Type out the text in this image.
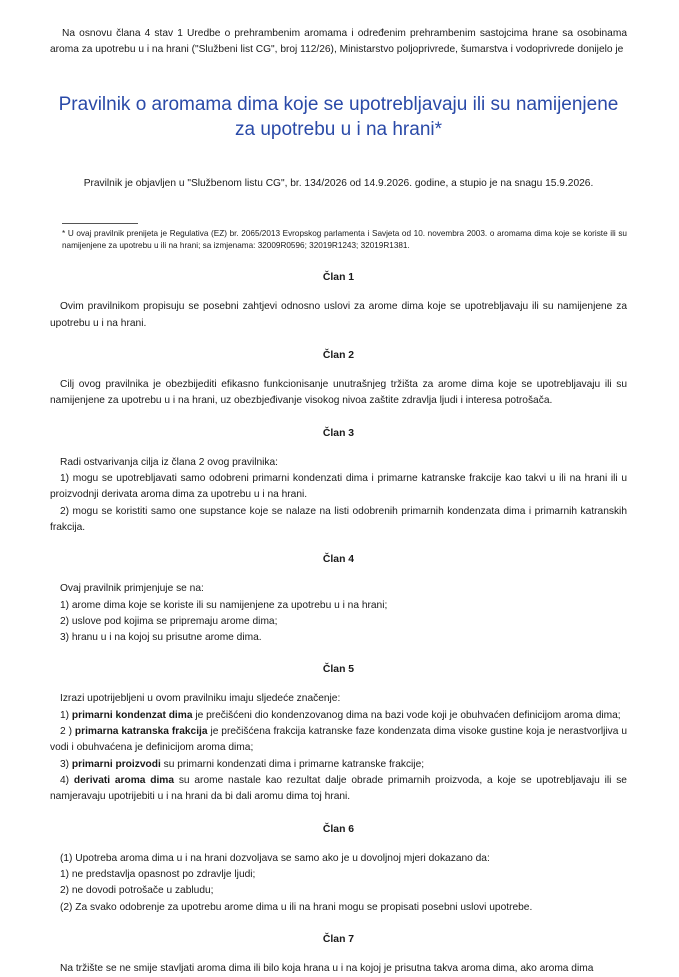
Na osnovu člana 4 stav 1 Uredbe o prehrambenim aromama i određenim prehrambenim sastojcima hrane sa osobinama aroma za upotrebu u i na hrani ("Službeni list CG", broj 112/26), Ministarstvo poljoprivrede, šumarstva i vodoprivrede donijelo je

Pravilnik o aromama dima koje se upotrebljavaju ili su namijenjene za upotrebu u i na hrani*

Pravilnik je objavljen u "Službenom listu CG", br. 134/2026 od 14.9.2026. godine, a stupio je na snagu 15.9.2026.

* U ovaj pravilnik prenijeta je Regulativa (EZ) br. 2065/2013 Evropskog parlamenta i Savjeta od 10. novembra 2003. o aromama dima koje se koriste ili su namijenjene za upotrebu u ili na hrani; sa izmjenama: 32009R0596; 32019R1243; 32019R1381.

Član 1

Ovim pravilnikom propisuju se posebni zahtjevi odnosno uslovi za arome dima koje se upotrebljavaju ili su namijenjene za upotrebu u i na hrani.

Član 2

Cilj ovog pravilnika je obezbijediti efikasno funkcionisanje unutrašnjeg tržišta za arome dima koje se upotrebljavaju ili su namijenjene za upotrebu u i na hrani, uz obezbjeđivanje visokog nivoa zaštite zdravlja ljudi i interesa potrošača.

Član 3

Radi ostvarivanja cilja iz člana 2 ovog pravilnika:

1) mogu se upotrebljavati samo odobreni primarni kondenzati dima i primarne katranske frakcije kao takvi u ili na hrani ili u proizvodnji derivata aroma dima za upotrebu u i na hrani.

2) mogu se koristiti samo one supstance koje se nalaze na listi odobrenih primarnih kondenzata dima i primarnih katranskih frakcija.

Član 4

Ovaj pravilnik primjenjuje se na:

1) arome dima koje se koriste ili su namijenjene za upotrebu u i na hrani;

2) uslove pod kojima se pripremaju arome dima;

3) hranu u i na kojoj su prisutne arome dima.

Član 5

Izrazi upotrijebljeni u ovom pravilniku imaju sljedeće značenje:

1) primarni kondenzat dima je prečišćeni dio kondenzovanog dima na bazi vode koji je obuhvaćen definicijom aroma dima;

2 ) primarna katranska frakcija je prečišćena frakcija katranske faze kondenzata dima visoke gustine koja je nerastvorljiva u vodi i obuhvaćena je definicijom aroma dima;

3) primarni proizvodi su primarni kondenzati dima i primarne katranske frakcije;

4) derivati aroma dima su arome nastale kao rezultat dalje obrade primarnih proizvoda, a koje se upotrebljavaju ili se namjeravaju upotrijebiti u i na hrani da bi dali aromu dima toj hrani.

Član 6

(1) Upotreba aroma dima u i na hrani dozvoljava se samo ako je u dovoljnoj mjeri dokazano da:

1) ne predstavlja opasnost po zdravlje ljudi;

2) ne dovodi potrošače u zabludu;

(2) Za svako odobrenje za upotrebu arome dima u ili na hrani mogu se propisati posebni uslovi upotrebe.

Član 7

Na tržište se ne smije stavljati aroma dima ili bilo koja hrana u i na kojoj je prisutna takva aroma dima, ako aroma dima
